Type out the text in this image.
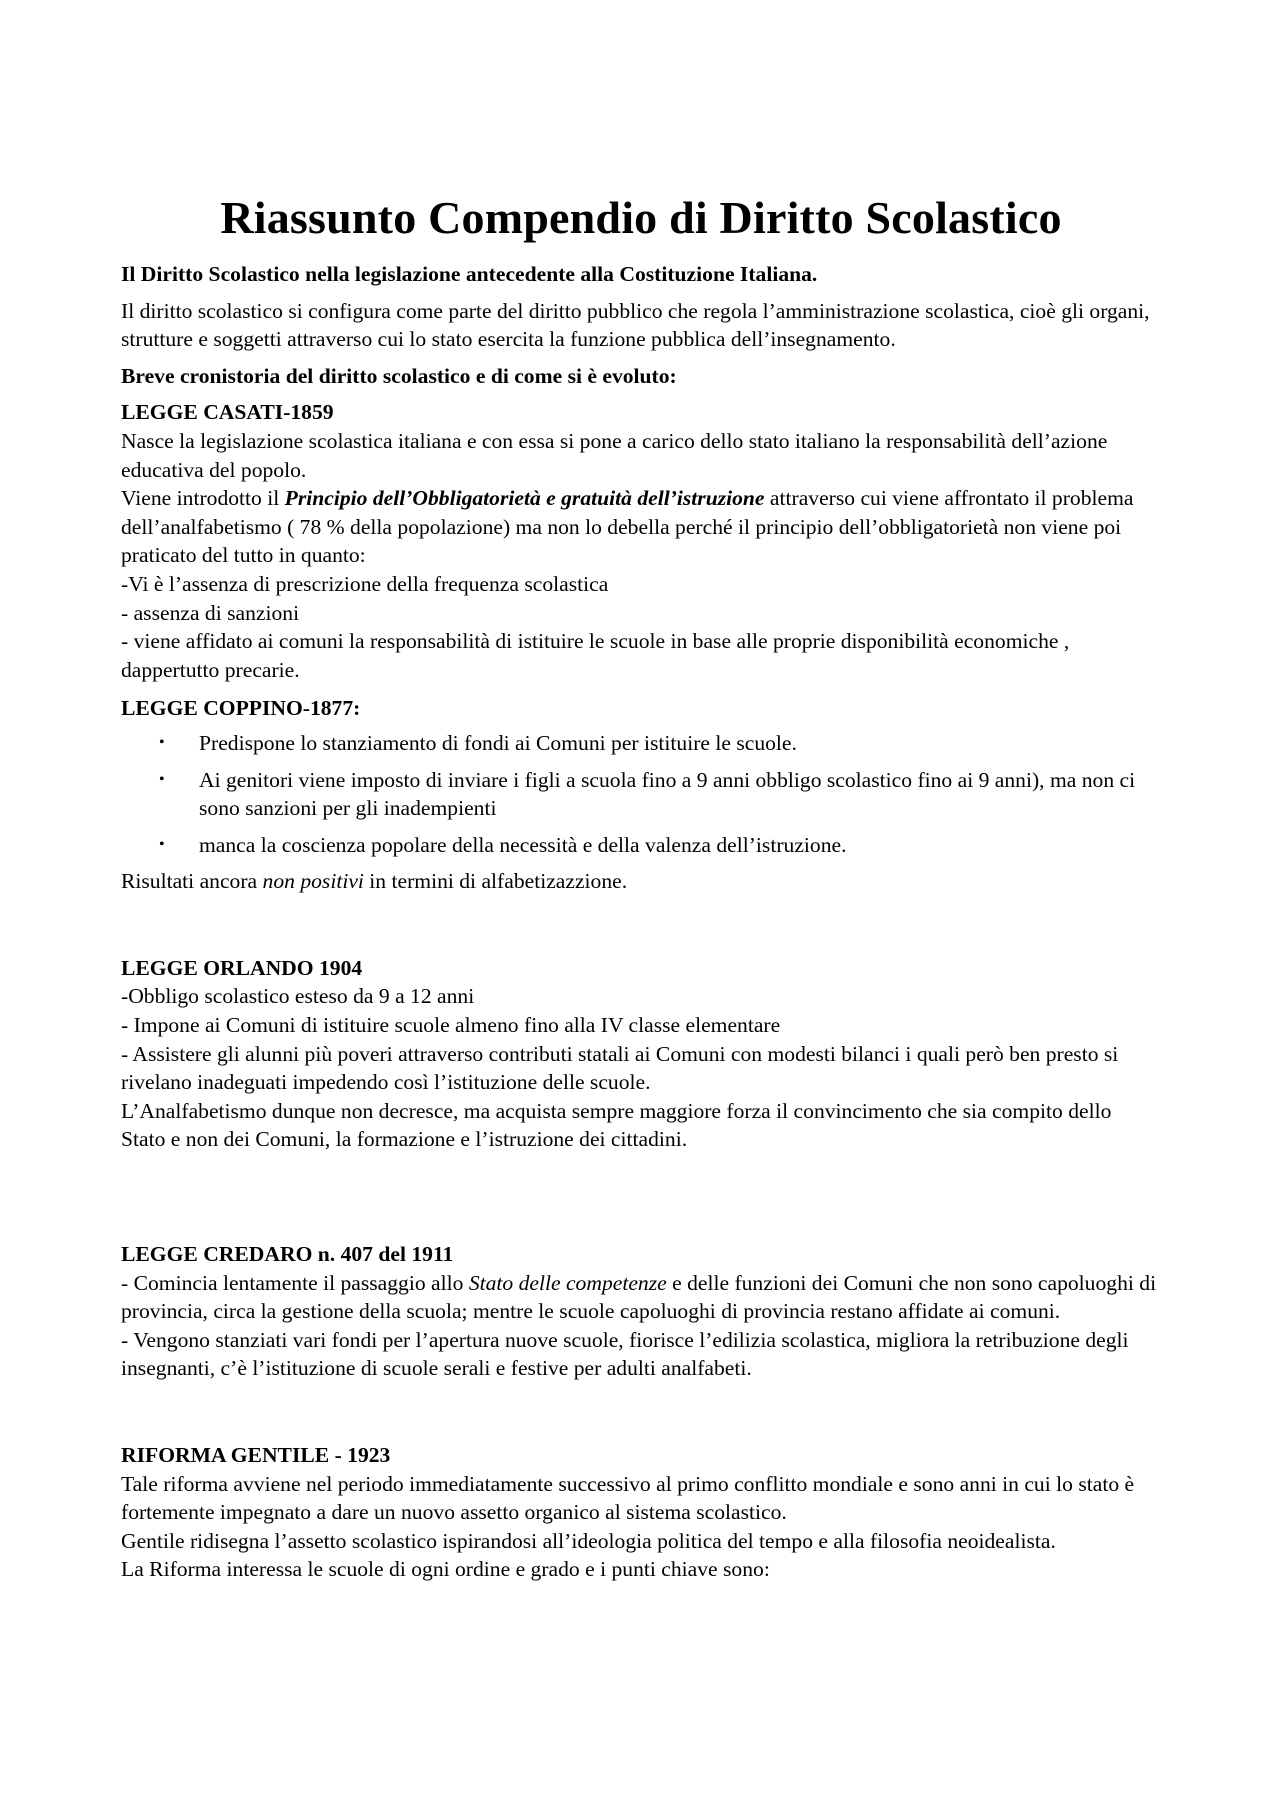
Riassunto Compendio di Diritto Scolastico

Il Diritto Scolastico nella legislazione antecedente alla Costituzione Italiana.

Il diritto scolastico si configura come parte del diritto pubblico che regola l’amministrazione scolastica, cioè gli organi, strutture e soggetti attraverso cui lo stato esercita la funzione pubblica dell’insegnamento.

Breve cronistoria del diritto scolastico e di come si è evoluto:

LEGGE CASATI-1859

Nasce la legislazione scolastica italiana e con essa si pone a carico dello stato italiano la responsabilità dell’azione educativa del popolo.

Viene introdotto il Principio dell’Obbligatorietà e gratuità dell’istruzione attraverso cui viene affrontato il problema dell’analfabetismo ( 78 % della popolazione) ma non lo debella perché il principio dell’obbligatorietà non viene poi praticato del tutto in quanto:

-Vi è l’assenza di prescrizione della frequenza scolastica

- assenza di sanzioni

- viene affidato ai comuni la responsabilità di istituire le scuole in base alle proprie disponibilità economiche , dappertutto precarie.

LEGGE COPPINO-1877:

• Predispone lo stanziamento di fondi ai Comuni per istituire le scuole.
• Ai genitori viene imposto di inviare i figli a scuola fino a 9 anni obbligo scolastico fino ai 9 anni), ma non ci sono sanzioni per gli inadempienti
• manca la coscienza popolare della necessità e della valenza dell’istruzione.

Risultati ancora non positivi in termini di alfabetizazzione.

LEGGE ORLANDO 1904

-Obbligo scolastico esteso da 9 a 12 anni

- Impone ai Comuni di istituire scuole almeno fino alla IV classe elementare

- Assistere gli alunni più poveri attraverso contributi statali ai Comuni con modesti bilanci i quali però ben presto si rivelano inadeguati impedendo così l’istituzione delle scuole.

L’Analfabetismo dunque non decresce, ma acquista sempre maggiore forza il convincimento che sia compito dello Stato e non dei Comuni, la formazione e l’istruzione dei cittadini.

LEGGE CREDARO n. 407 del 1911

- Comincia lentamente il passaggio allo Stato delle competenze e delle funzioni dei Comuni che non sono capoluoghi di provincia, circa la gestione della scuola; mentre le scuole capoluoghi di provincia restano affidate ai comuni.

- Vengono stanziati vari fondi per l’apertura nuove scuole, fiorisce l’edilizia scolastica, migliora la retribuzione degli insegnanti, c’è l’istituzione di scuole serali e festive per adulti analfabeti.

RIFORMA GENTILE - 1923

Tale riforma avviene nel periodo immediatamente successivo al primo conflitto mondiale e sono anni in cui lo stato è fortemente impegnato a dare un nuovo assetto organico al sistema scolastico.

Gentile ridisegna l’assetto scolastico ispirandosi all’ideologia politica del tempo e alla filosofia neoidealista.

La Riforma interessa le scuole di ogni ordine e grado e i punti chiave sono:
